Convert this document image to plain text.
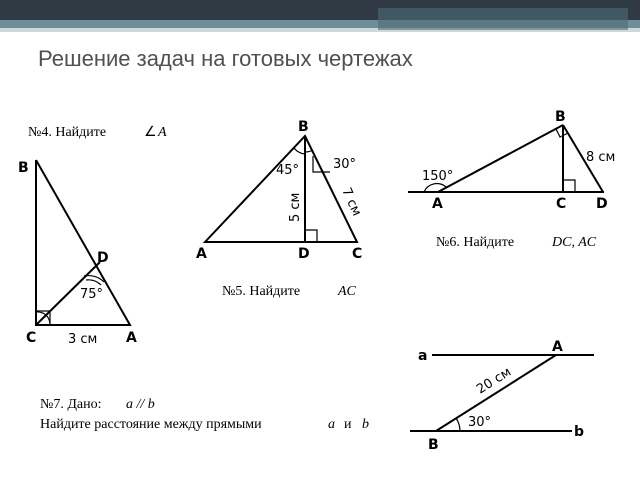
Решение задач на готовых чертежах
№4. Найдите	∠ A
B
D
C	A
75°
3 см
B
A	D	C
45°	30°
5 см	7 см
№5. Найдите	AC
B
A	C D
150°
8 см
№6. Найдите	DC, AC
a
A
B
b
20 см
30°
№7. Дано: a // b
Найдите расстояние между прямыми	a и b
